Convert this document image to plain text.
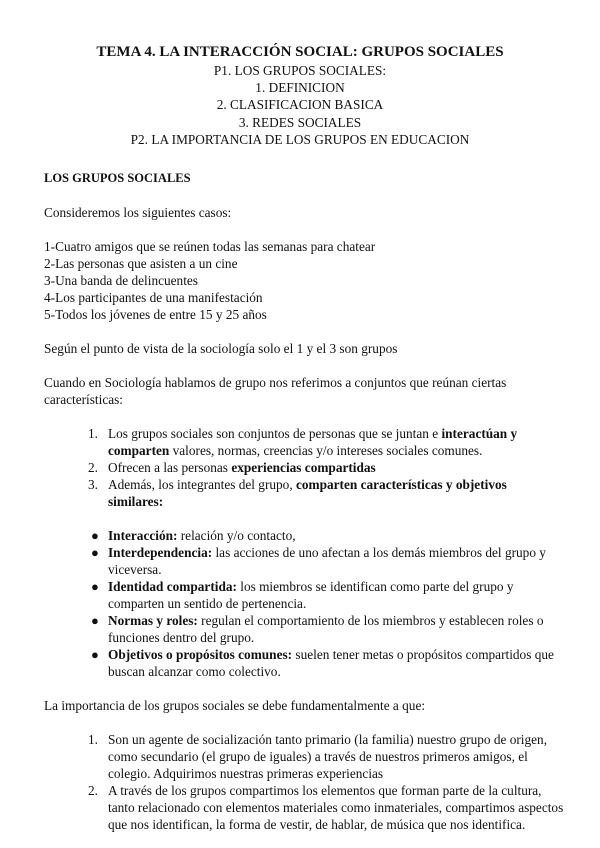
TEMA 4. LA INTERACCIÓN SOCIAL: GRUPOS SOCIALES

P1. LOS GRUPOS SOCIALES:

1. DEFINICION

2. CLASIFICACION BASICA

3. REDES SOCIALES

P2. LA IMPORTANCIA DE LOS GRUPOS EN EDUCACION

LOS GRUPOS SOCIALES

Consideremos los siguientes casos:

1-Cuatro amigos que se reúnen todas las semanas para chatear

2-Las personas que asisten a un cine

3-Una banda de delincuentes

4-Los participantes de una manifestación

5-Todos los jóvenes de entre 15 y 25 años

Según el punto de vista de la sociología solo el 1 y el 3 son grupos

Cuando en Sociología hablamos de grupo nos referimos a conjuntos que reúnan ciertas características:

1. Los grupos sociales son conjuntos de personas que se juntan e interactúan y comparten valores, normas, creencias y/o intereses sociales comunes.
2. Ofrecen a las personas experiencias compartidas
3. Además, los integrantes del grupo, comparten características y objetivos similares:
● Interacción: relación y/o contacto,
● Interdependencia: las acciones de uno afectan a los demás miembros del grupo y viceversa.
● Identidad compartida: los miembros se identifican como parte del grupo y comparten un sentido de pertenencia.
● Normas y roles: regulan el comportamiento de los miembros y establecen roles o funciones dentro del grupo.
● Objetivos o propósitos comunes: suelen tener metas o propósitos compartidos que buscan alcanzar como colectivo.

La importancia de los grupos sociales se debe fundamentalmente a que:

1. Son un agente de socialización tanto primario (la familia) nuestro grupo de origen, como secundario (el grupo de iguales) a través de nuestros primeros amigos, el colegio. Adquirimos nuestras primeras experiencias
2. A través de los grupos compartimos los elementos que forman parte de la cultura, tanto relacionado con elementos materiales como inmateriales, compartimos aspectos que nos identifican, la forma de vestir, de hablar, de música que nos identifica.
